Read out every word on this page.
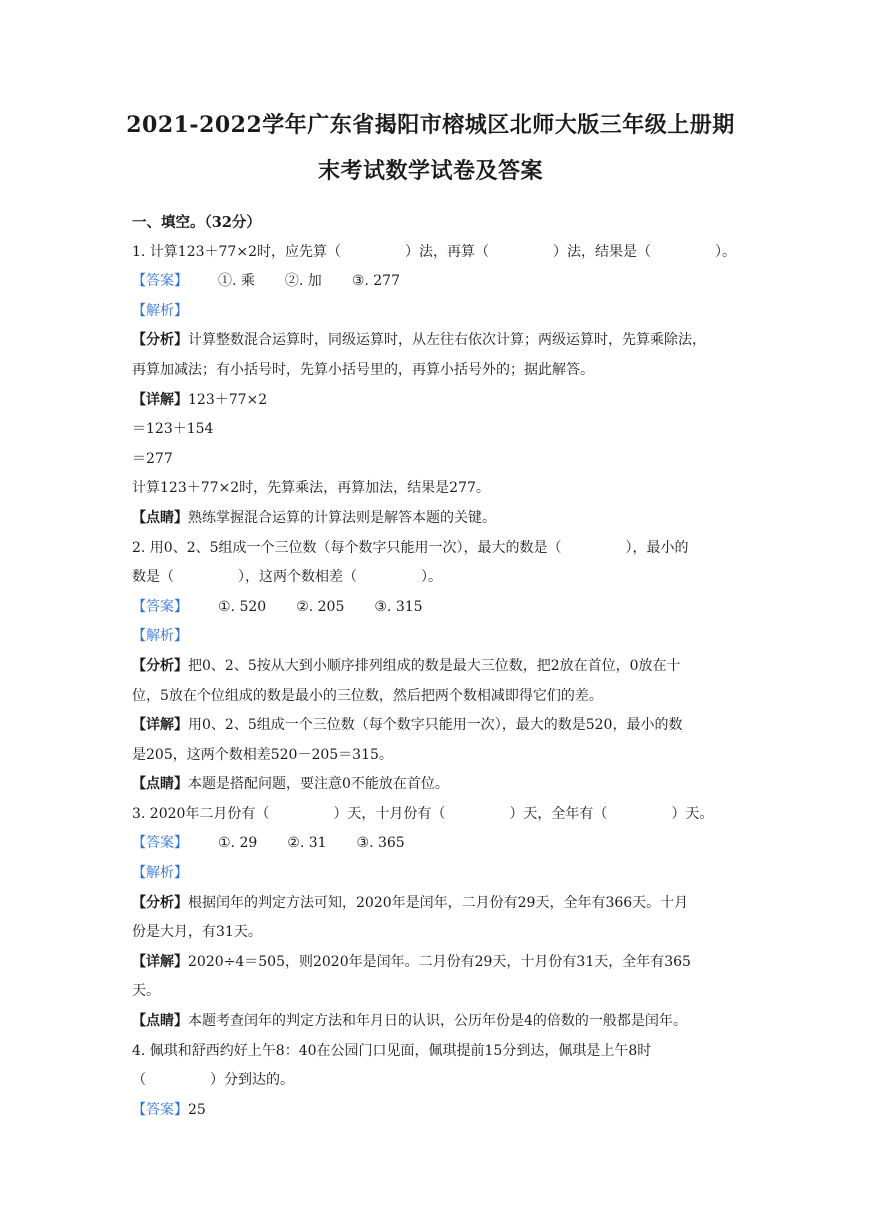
2021-2022学年广东省揭阳市榕城区北师大版三年级上册期
末考试数学试卷及答案
一、填空。（32分）
1. 计算123＋77×2时，应先算（	）法，再算（	）法，结果是（	）。
【答案】 ①. 乘 ②. 加 ③. 277
【解析】
【分析】计算整数混合运算时，同级运算时，从左往右依次计算；两级运算时，先算乘除法，
再算加减法；有小括号时，先算小括号里的，再算小括号外的；据此解答。
【详解】123＋77×2
＝123＋154
＝277
计算123＋77×2时，先算乘法，再算加法，结果是277。
【点睛】熟练掌握混合运算的计算法则是解答本题的关键。
2. 用0、2、5组成一个三位数（每个数字只能用一次），最大的数是（	），最小的
数是（	），这两个数相差（	）。
【答案】 ①. 520 ②. 205 ③. 315
【解析】
【分析】把0、2、5按从大到小顺序排列组成的数是最大三位数，把2放在首位，0放在十
位，5放在个位组成的数是最小的三位数，然后把两个数相减即得它们的差。
【详解】用0、2、5组成一个三位数（每个数字只能用一次），最大的数是520，最小的数
是205，这两个数相差520－205＝315。
【点睛】本题是搭配问题，要注意0不能放在首位。
3. 2020年二月份有（	）天，十月份有（	）天，全年有（	）天。
【答案】 ①. 29 ②. 31 ③. 365
【解析】
【分析】根据闰年的判定方法可知，2020年是闰年，二月份有29天，全年有366天。十月
份是大月，有31天。
【详解】2020÷4＝505，则2020年是闰年。二月份有29天，十月份有31天，全年有365
天。
【点睛】本题考查闰年的判定方法和年月日的认识，公历年份是4的倍数的一般都是闰年。
4. 佩琪和舒西约好上午8：40在公园门口见面，佩琪提前15分到达，佩琪是上午8时
（	）分到达的。
【答案】25
